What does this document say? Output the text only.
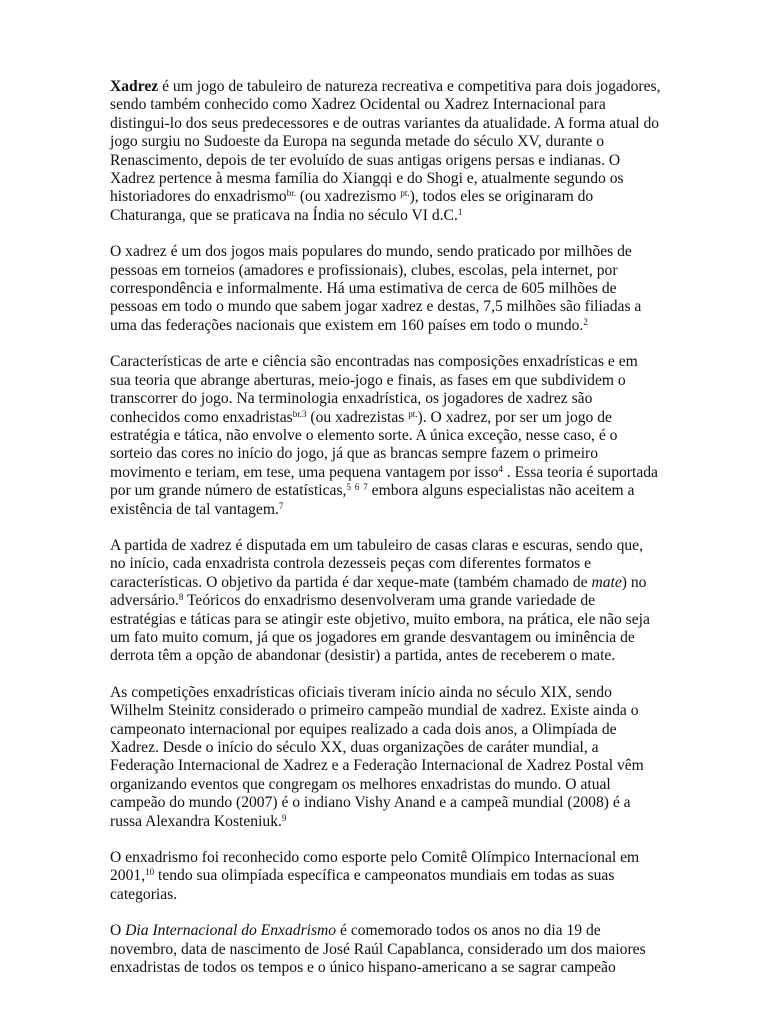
Xadrez é um jogo de tabuleiro de natureza recreativa e competitiva para dois jogadores, sendo também conhecido como Xadrez Ocidental ou Xadrez Internacional para distingui-lo dos seus predecessores e de outras variantes da atualidade. A forma atual do jogo surgiu no Sudoeste da Europa na segunda metade do século XV, durante o Renascimento, depois de ter evoluído de suas antigas origens persas e indianas. O Xadrez pertence à mesma família do Xiangqi e do Shogi e, atualmente segundo os historiadores do enxadrismo$^{br.}$ (ou xadrezismo $^{pt.}$), todos eles se originaram do Chaturanga, que se praticava na Índia no século VI d.C.$^1$

O xadrez é um dos jogos mais populares do mundo, sendo praticado por milhões de pessoas em torneios (amadores e profissionais), clubes, escolas, pela internet, por correspondência e informalmente. Há uma estimativa de cerca de 605 milhões de pessoas em todo o mundo que sabem jogar xadrez e destas, 7,5 milhões são filiadas a uma das federações nacionais que existem em 160 países em todo o mundo.$^2$

Características de arte e ciência são encontradas nas composições enxadrísticas e em sua teoria que abrange aberturas, meio-jogo e finais, as fases em que subdividem o transcorrer do jogo. Na terminologia enxadrística, os jogadores de xadrez são conhecidos como enxadristas$^{br.3}$ (ou xadrezistas $^{pt.}$). O xadrez, por ser um jogo de estratégia e tática, não envolve o elemento sorte. A única exceção, nesse caso, é o sorteio das cores no início do jogo, já que as brancas sempre fazem o primeiro movimento e teriam, em tese, uma pequena vantagem por isso$^4$ . Essa teoria é suportada por um grande número de estatísticas,$^5$ $^6$ $^7$ embora alguns especialistas não aceitem a existência de tal vantagem.$^7$

A partida de xadrez é disputada em um tabuleiro de casas claras e escuras, sendo que, no início, cada enxadrista controla dezesseis peças com diferentes formatos e características. O objetivo da partida é dar xeque-mate (também chamado de mate) no adversário.$^8$ Teóricos do enxadrismo desenvolveram uma grande variedade de estratégias e táticas para se atingir este objetivo, muito embora, na prática, ele não seja um fato muito comum, já que os jogadores em grande desvantagem ou iminência de derrota têm a opção de abandonar (desistir) a partida, antes de receberem o mate.

As competições enxadrísticas oficiais tiveram início ainda no século XIX, sendo Wilhelm Steinitz considerado o primeiro campeão mundial de xadrez. Existe ainda o campeonato internacional por equipes realizado a cada dois anos, a Olimpíada de Xadrez. Desde o início do século XX, duas organizações de caráter mundial, a Federação Internacional de Xadrez e a Federação Internacional de Xadrez Postal vêm organizando eventos que congregam os melhores enxadristas do mundo. O atual campeão do mundo (2007) é o indiano Vishy Anand e a campeã mundial (2008) é a russa Alexandra Kosteniuk.$^9$

O enxadrismo foi reconhecido como esporte pelo Comitê Olímpico Internacional em 2001,10 tendo sua olimpíada específica e campeonatos mundiais em todas as suas categorias.

O Dia Internacional do Enxadrismo é comemorado todos os anos no dia 19 de novembro, data de nascimento de José Raúl Capablanca, considerado um dos maiores enxadristas de todos os tempos e o único hispano-americano a se sagrar campeão
